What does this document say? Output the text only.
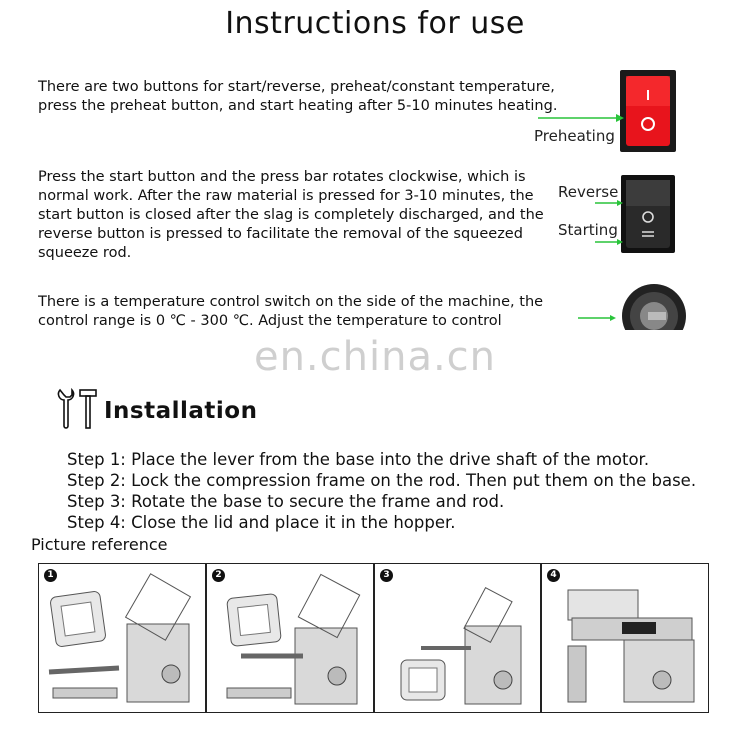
Instructions for use
There are two buttons for start/reverse, preheat/constant temperature, press the preheat button, and start heating after 5-10 minutes heating.
Press the start button and the press bar rotates clockwise, which is normal work. After the raw material is pressed for 3-10 minutes, the start button is closed after the slag is completely discharged, and the reverse button is pressed to facilitate the removal of the squeezed squeeze rod.
There is a temperature control switch on the side of the machine, the control range is 0 ℃ - 300 ℃. Adjust the temperature to control
Preheating
Reverse
Starting
en.china.cn
Installation
Step 1: Place the lever from the base into the drive shaft of the motor.
Step 2: Lock the compression frame on the rod. Then put them on the base.
Step 3: Rotate the base to secure the frame and rod.
Step 4: Close the lid and place it in the hopper.
Picture reference
1	2	3	4
